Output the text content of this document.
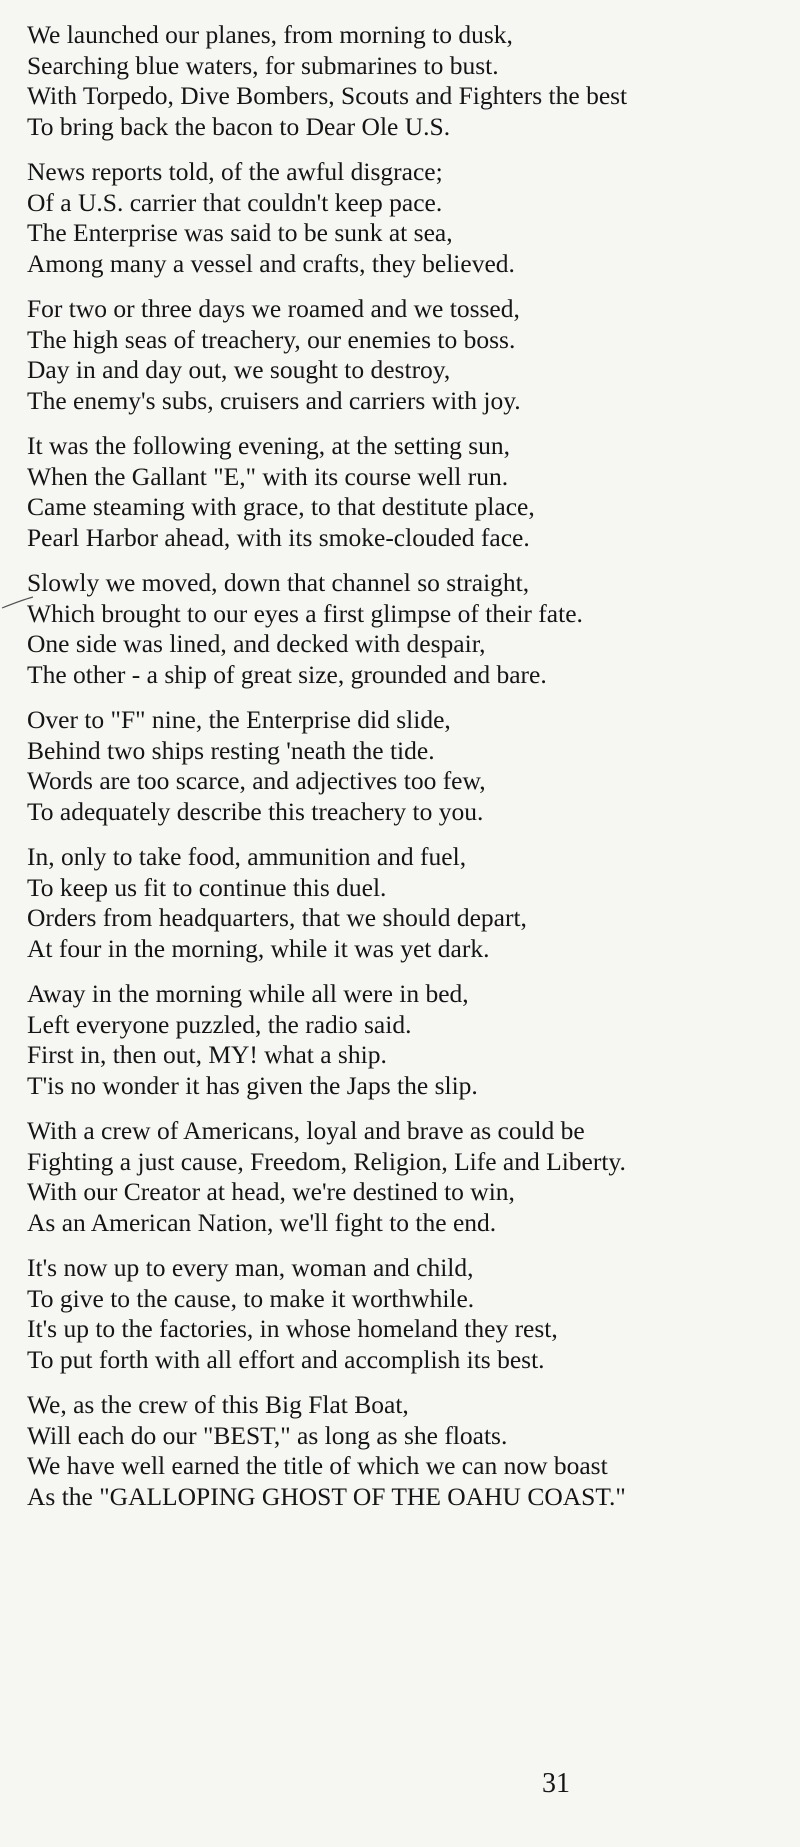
We launched our planes, from morning to dusk,
Searching blue waters, for submarines to bust.
With Torpedo, Dive Bombers, Scouts and Fighters the best
To bring back the bacon to Dear Ole U.S.
News reports told, of the awful disgrace;
Of a U.S. carrier that couldn't keep pace.
The Enterprise was said to be sunk at sea,
Among many a vessel and crafts, they believed.
For two or three days we roamed and we tossed,
The high seas of treachery, our enemies to boss.
Day in and day out, we sought to destroy,
The enemy's subs, cruisers and carriers with joy.
It was the following evening, at the setting sun,
When the Gallant "E," with its course well run.
Came steaming with grace, to that destitute place,
Pearl Harbor ahead, with its smoke-clouded face.
Slowly we moved, down that channel so straight,
Which brought to our eyes a first glimpse of their fate.
One side was lined, and decked with despair,
The other - a ship of great size, grounded and bare.
Over to "F" nine, the Enterprise did slide,
Behind two ships resting 'neath the tide.
Words are too scarce, and adjectives too few,
To adequately describe this treachery to you.
In, only to take food, ammunition and fuel,
To keep us fit to continue this duel.
Orders from headquarters, that we should depart,
At four in the morning, while it was yet dark.
Away in the morning while all were in bed,
Left everyone puzzled, the radio said.
First in, then out, MY! what a ship.
T'is no wonder it has given the Japs the slip.
With a crew of Americans, loyal and brave as could be
Fighting a just cause, Freedom, Religion, Life and Liberty.
With our Creator at head, we're destined to win,
As an American Nation, we'll fight to the end.
It's now up to every man, woman and child,
To give to the cause, to make it worthwhile.
It's up to the factories, in whose homeland they rest,
To put forth with all effort and accomplish its best.
We, as the crew of this Big Flat Boat,
Will each do our "BEST," as long as she floats.
We have well earned the title of which we can now boast
As the "GALLOPING GHOST OF THE OAHU COAST."
31
